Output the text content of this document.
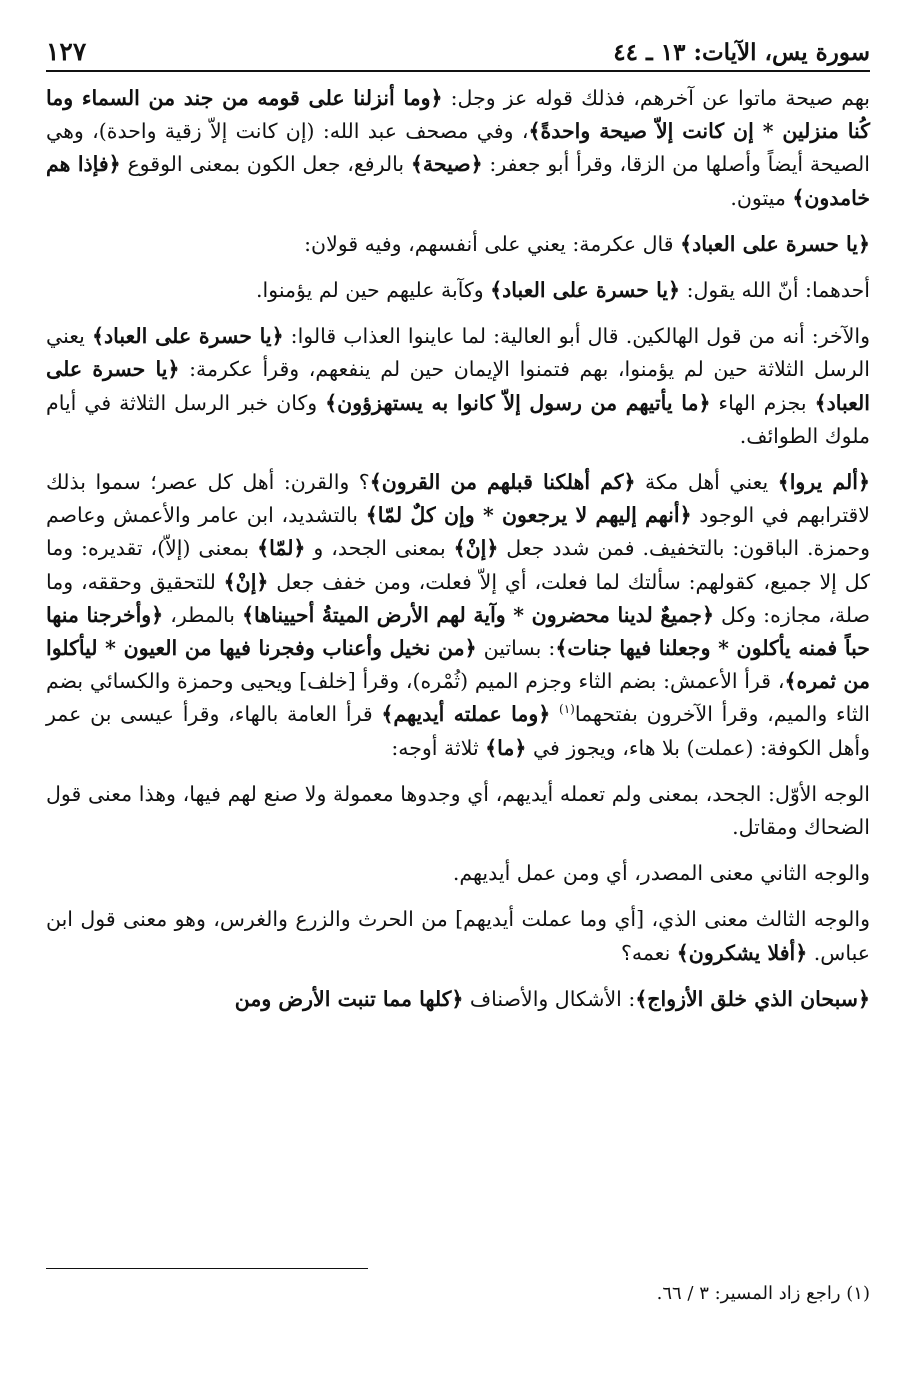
سورة يس، الآيات: ١٣ ـ ٤٤
١٢٧

بهم صيحة ماتوا عن آخرهم، فذلك قوله عز وجل: ﴿وما أنزلنا على قومه من جند من السماء وما كُنا منزلين * إن كانت إلاّ صيحة واحدةً﴾، وفي مصحف عبد الله: (إن كانت إلاّ زقية واحدة)، وهي الصيحة أيضاً وأصلها من الزقا، وقرأ أبو جعفر: ﴿صيحة﴾ بالرفع، جعل الكون بمعنى الوقوع ﴿فإذا هم خامدون﴾ ميتون.

﴿يا حسرة على العباد﴾ قال عكرمة: يعني على أنفسهم، وفيه قولان:

أحدهما: أنّ الله يقول: ﴿يا حسرة على العباد﴾ وكآبة عليهم حين لم يؤمنوا.

والآخر: أنه من قول الهالكين. قال أبو العالية: لما عاينوا العذاب قالوا: ﴿يا حسرة على العباد﴾ يعني الرسل الثلاثة حين لم يؤمنوا، بهم فتمنوا الإيمان حين لم ينفعهم، وقرأ عكرمة: ﴿يا حسرة على العباد﴾ بجزم الهاء ﴿ما يأتيهم من رسول إلاّ كانوا به يستهزؤون﴾ وكان خبر الرسل الثلاثة في أيام ملوك الطوائف.

﴿ألم يروا﴾ يعني أهل مكة ﴿كم أهلكنا قبلهم من القرون﴾؟ والقرن: أهل كل عصر؛ سموا بذلك لاقترابهم في الوجود ﴿أنهم إليهم لا يرجعون * وإن كلٌ لمّا﴾ بالتشديد، ابن عامر والأعمش وعاصم وحمزة. الباقون: بالتخفيف. فمن شدد جعل ﴿إنْ﴾ بمعنى الجحد، و ﴿لمّا﴾ بمعنى (إلاّ)، تقديره: وما كل إلا جميع، كقولهم: سألتك لما فعلت، أي إلاّ فعلت، ومن خفف جعل ﴿إنْ﴾ للتحقيق وحققه، وما صلة، مجازه: وكل ﴿جميعٌ لدينا محضرون * وآية لهم الأرض الميتةُ أحييناها﴾ بالمطر، ﴿وأخرجنا منها حباً فمنه يأكلون * وجعلنا فيها جنات﴾: بساتين ﴿من نخيل وأعناب وفجرنا فيها من العيون * ليأكلوا من ثمره﴾، قرأ الأعمش: بضم الثاء وجزم الميم (ثُمْره)، وقرأ [خلف] ويحيى وحمزة والكسائي بضم الثاء والميم، وقرأ الآخرون بفتحهما$^{(١)}$ ﴿وما عملته أيديهم﴾ قرأ العامة بالهاء، وقرأ عيسى بن عمر وأهل الكوفة: (عملت) بلا هاء، ويجوز في ﴿ما﴾ ثلاثة أوجه:

الوجه الأوّل: الجحد، بمعنى ولم تعمله أيديهم، أي وجدوها معمولة ولا صنع لهم فيها، وهذا معنى قول الضحاك ومقاتل.

والوجه الثاني معنى المصدر، أي ومن عمل أيديهم.

والوجه الثالث معنى الذي، [أي وما عملت أيديهم] من الحرث والزرع والغرس، وهو معنى قول ابن عباس. ﴿أفلا يشكرون﴾ نعمه؟

﴿سبحان الذي خلق الأزواج﴾: الأشكال والأصناف ﴿كلها مما تنبت الأرض ومن

(١) راجع زاد المسير: ٣ / ٦٦.
